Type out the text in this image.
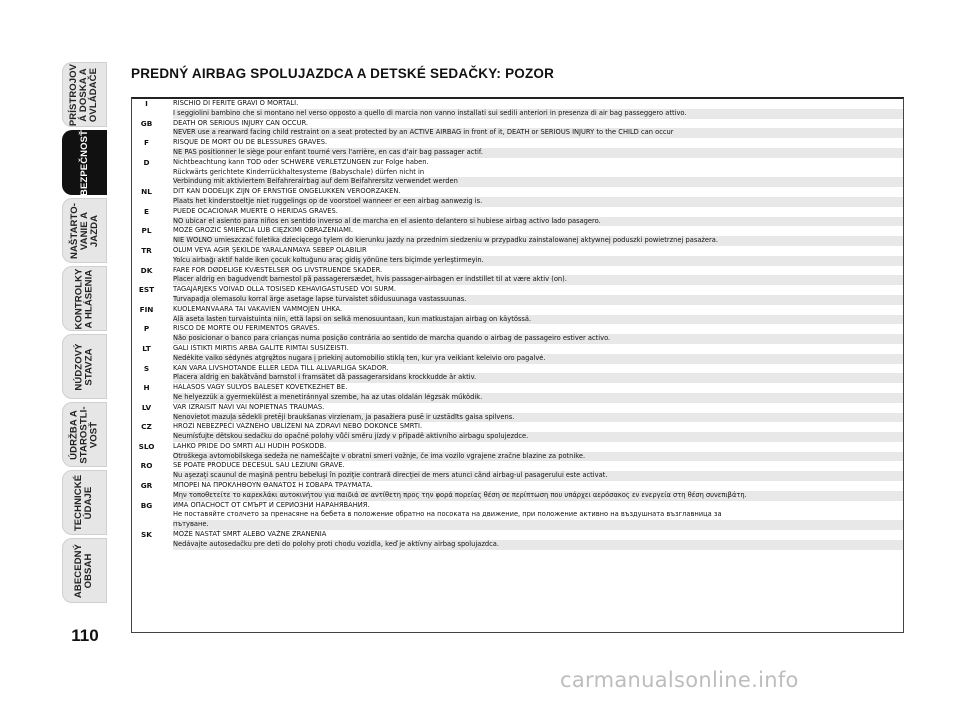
PRÍSTROJOV
Á DOSKA A
OVLÁDAČE
BEZPEČNOSŤ
NAŠTARTO-
VANIE A
JAZDA
KONTROLKY
A HLÁSENIA
NÚDZOVÝ
STAVZA
ÚDRŽBA A
STAROSTLI-
VOSŤ
TECHNICKÉ
ÚDAJE
ABECEDNÝ
OBSAH
110
PREDNÝ AIRBAG SPOLUJAZDCA A DETSKÉ SEDAČKY: POZOR
I	RISCHIO DI FERITE GRAVI O MORTALI.
I seggiolini bambino che si montano nel verso opposto a quello di marcia non vanno installati sui sedili anteriori in presenza di air bag passeggero attivo.
GB	DEATH OR SERIOUS INJURY CAN OCCUR.
NEVER use a rearward facing child restraint on a seat protected by an ACTIVE AIRBAG in front of it, DEATH or SERIOUS INJURY to the CHILD can occur
F	RISQUE DE MORT OU DE BLESSURES GRAVES.
NE PAS positionner le siège pour enfant tourné vers l'arrière, en cas d'air bag passager actif.
D	Nichtbeachtung kann TOD oder SCHWERE VERLETZUNGEN zur Folge haben.
Rückwärts gerichtete Kinderrückhaltesysteme (Babyschale) dürfen nicht in
Verbindung mit aktiviertem Beifahrerairbag auf dem Beifahrersitz verwendet werden
NL	DIT KAN DODELIJK ZIJN OF ERNSTIGE ONGELUKKEN VEROORZAKEN.
Plaats het kinderstoeltje niet ruggelings op de voorstoel wanneer er een airbag aanwezig is.
E	PUEDE OCACIONAR MUERTE O HERIDAS GRAVES.
NO ubicar el asiento para niños en sentido inverso al de marcha en el asiento delantero si hubiese airbag activo lado pasagero.
PL	MOŻE GROZIĆ ŚMIERCIA LUB CIĘŻKIMI OBRAŻENIAMI.
NIE WOLNO umieszczać foletika dziecięcego tylem do kierunku jazdy na przednim siedzeniu w przypadku zainstalowanej aktywnej poduszki powietrznej pasażera.
TR	ÖLÜM VEYA AĞIR ŞEKİLDE YARALANMAYA SEBEP OLABİLİR
Yolcu airbağı aktif halde iken çocuk koltuğunu araç gidiş yönüne ters biçimde yerleştirmeyin.
DK	FARE FOR DØDELIGE KVÆSTELSER OG LIVSTRUENDE SKADER.
Placer aldrig en bagudvendt barnestol på passagerersædet, hvis passager-airbagen er indstillet til at være aktiv (on).
EST	TAGAJÄRJEKS VÕIVAD OLLA TÕSISED KEHAVIGASTUSED VÕI SURM.
Turvapadja olemasolu korral ärge asetage lapse turvaistet sõidusuunaga vastassuunas.
FIN	KUOLEMANVAARA TAI VAKAVIEN VAMMOJEN UHKA.
Älä aseta lasten turvaistuinta niin, että lapsi on selkä menosuuntaan, kun matkustajan airbag on käytössä.
P	RISCO DE MORTE OU FERIMENTOS GRAVES.
Não posicionar o banco para crianças numa posição contrária ao sentido de marcha quando o airbag de passageiro estiver activo.
LT	GALI IŠTIKTI MIRTIS ARBA GALITE RIMTAI SUSIŽEISTI.
Nedėkite vaiko sėdynės atgręžtos nugara į priekinį automobilio stiklą ten, kur yra veikiant keleivio oro pagalvė.
S	KAN VARA LIVSHOTANDE ELLER LEDA TILL ALLVARLIGA SKADOR.
Placera aldrig en bakåtvänd barnstol i framsätet då passagerarsidans krockkudde är aktiv.
H	HALÁSOS VAGY SÚLYOS BALESET KÖVETKEZHET BE.
Ne helyezzük a gyermekülést a menetiránnyal szembe, ha az utas oldalán légzsák működik.
LV	VAR IZRAISĪT NĀVI VAI NOPIETNAS TRAUMAS.
Nenovietot mazuļa sēdekli pretēji braukšanas virzienam, ja pasažiera pusē ir uzstādīts gaisa spilvens.
CZ	HROZÍ NEBEZPEČÍ VÁŽNÉHO UBLÍŽENÍ NA ZDRAVÍ NEBO DOKONCE SMRTI.
Neumísťujte dětskou sedačku do opačné polohy vůči směru jízdy v případě aktivního airbagu spolujezdce.
SLO	LAHKO PRIDE DO SMRTI ALI HUDIH POŠKODB.
Otroškega avtomobilskega sedeža ne nameščajte v obratni smeri vožnje, če ima vozilo vgrajene zračne blazine za potnike.
RO	SE POATE PRODUCE DECESUL SAU LEZIUNI GRAVE.
Nu aşezaţi scaunul de maşină pentru bebeluşi în poziţie contrară direcţiei de mers atunci când airbag-ul pasagerului este activat.
GR	ΜΠΟΡΕΙ ΝΑ ΠΡΟΚΛΗΘΟΥΝ ΘΑΝΑΤΟΣ Η ΣΟΒΑΡΑ ΤΡΑΥΜΑΤΑ.
Μην τοποθετείτε το καρεκλάκι αυτοκινήτου για παιδιά σε αντίθετη προς την φορά πορείας θέση σε περίπτωση που υπάρχει αερόσακος εν ενεργεία στη θέση συνεπιβάτη.
BG	ИМА ОПАСНОСТ ОТ СМЪРТ И СЕРИОЗНИ НАРАНЯВАНИЯ.
Не поставяйте столчето за пренасяне на бебета в положение обратно на посоката на движение, при положение активно на въздушната възглавница за
пътуване.
SK	MÔŽE NASTAŤ SMRŤ ALEBO VÁŽNE ZRANENIA
Nedávajte autosedačku pre deti do polohy proti chodu vozidla, keď je aktívny airbag spolujazdca.
carmanualsonline.info
